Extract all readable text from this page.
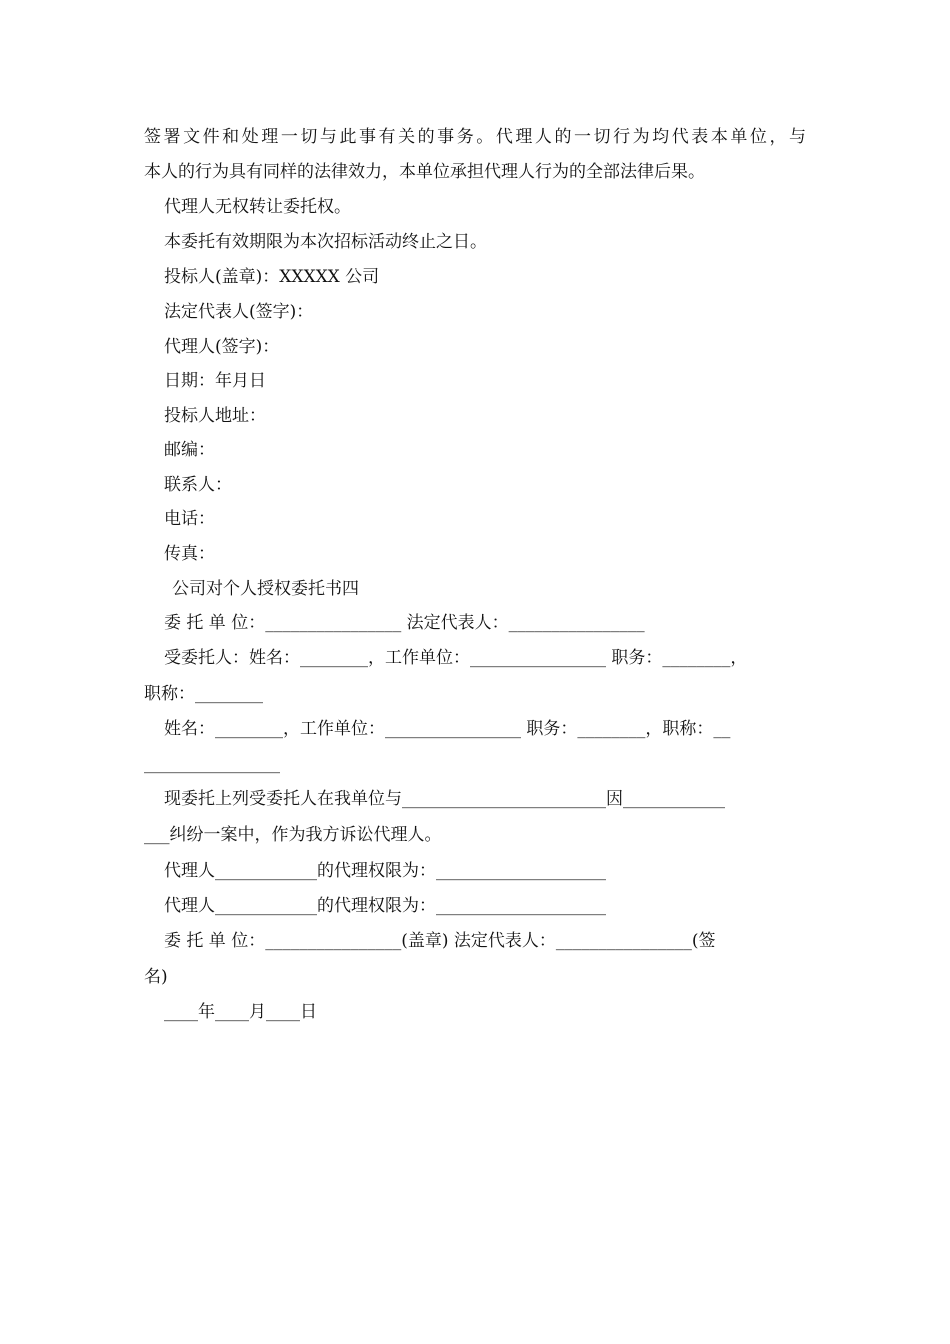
签署文件和处理一切与此事有关的事务。代理人的一切行为均代表本单位，与
本人的行为具有同样的法律效力，本单位承担代理人行为的全部法律后果。
代理人无权转让委托权。
本委托有效期限为本次招标活动终止之日。
投标人(盖章)：XXXXX 公司
法定代表人(签字)：
代理人(签字)：
日期：年月日
投标人地址：
邮编：
联系人：
电话：
传真：
公司对个人授权委托书四
委 托 单 位：________________ 法定代表人：________________
受委托人：姓名：________，工作单位：________________ 职务：________，
职称：________
姓名：________，工作单位：________________ 职务：________，职称：__
________________
现委托上列受委托人在我单位与________________________因____________
___纠纷一案中，作为我方诉讼代理人。
代理人____________的代理权限为：____________________
代理人____________的代理权限为：____________________
委 托 单 位：________________(盖章) 法定代表人：________________(签
名)
____年____月____日
